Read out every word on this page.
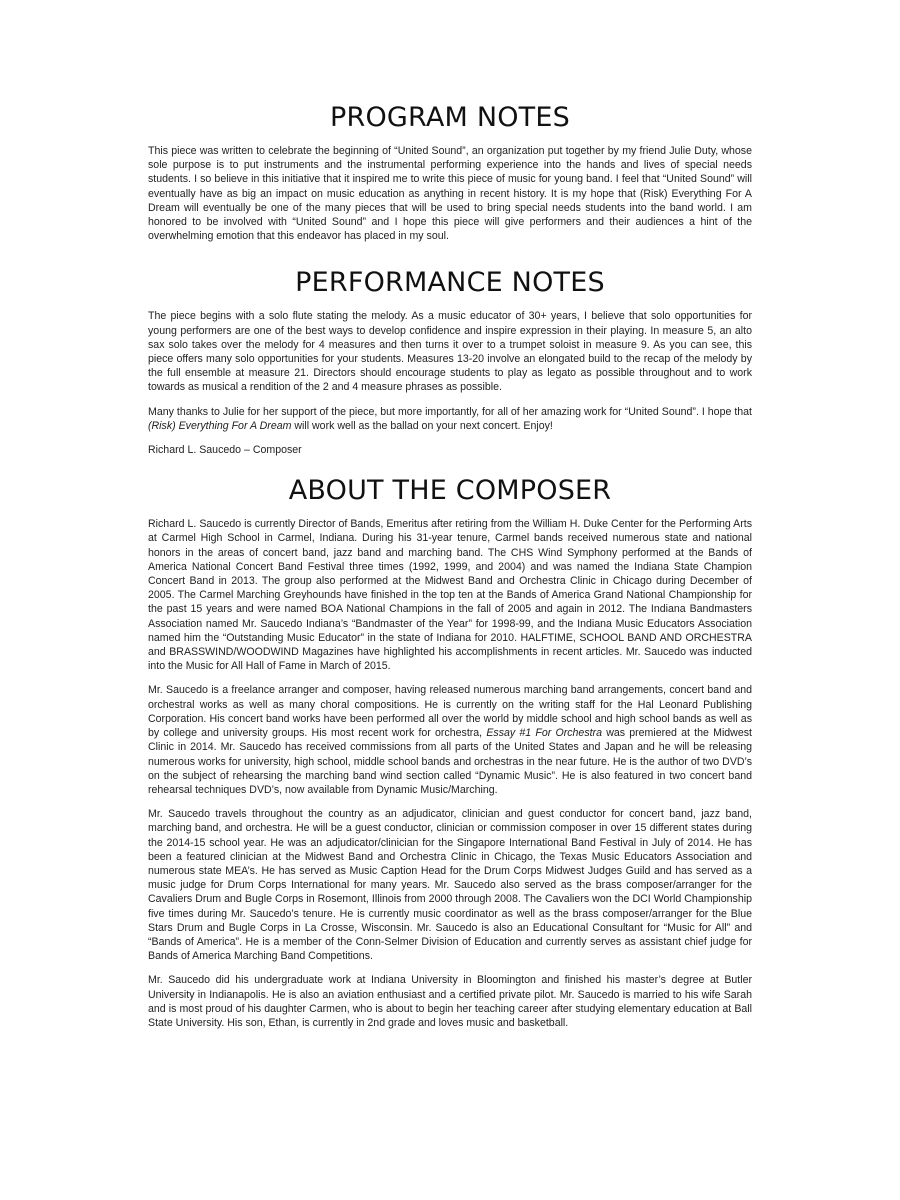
PROGRAM NOTES

This piece was written to celebrate the beginning of “United Sound”, an organization put together by my friend Julie Duty, whose sole purpose is to put instruments and the instrumental performing experience into the hands and lives of special needs students. I so believe in this initiative that it inspired me to write this piece of music for young band. I feel that “United Sound” will eventually have as big an impact on music education as anything in recent history. It is my hope that (Risk) Everything For A Dream will eventually be one of the many pieces that will be used to bring special needs students into the band world. I am honored to be involved with “United Sound” and I hope this piece will give performers and their audiences a hint of the overwhelming emotion that this endeavor has placed in my soul.

PERFORMANCE NOTES

The piece begins with a solo flute stating the melody. As a music educator of 30+ years, I believe that solo opportunities for young performers are one of the best ways to develop confidence and inspire expression in their playing. In measure 5, an alto sax solo takes over the melody for 4 measures and then turns it over to a trumpet soloist in measure 9. As you can see, this piece offers many solo opportunities for your students. Measures 13-20 involve an elongated build to the recap of the melody by the full ensemble at measure 21. Directors should encourage students to play as legato as possible throughout and to work towards as musical a rendition of the 2 and 4 measure phrases as possible.

Many thanks to Julie for her support of the piece, but more importantly, for all of her amazing work for “United Sound”. I hope that (Risk) Everything For A Dream will work well as the ballad on your next concert. Enjoy!

Richard L. Saucedo – Composer

ABOUT THE COMPOSER

Richard L. Saucedo is currently Director of Bands, Emeritus after retiring from the William H. Duke Center for the Performing Arts at Carmel High School in Carmel, Indiana. During his 31-year tenure, Carmel bands received numerous state and national honors in the areas of concert band, jazz band and marching band. The CHS Wind Symphony performed at the Bands of America National Concert Band Festival three times (1992, 1999, and 2004) and was named the Indiana State Champion Concert Band in 2013. The group also performed at the Midwest Band and Orchestra Clinic in Chicago during December of 2005. The Carmel Marching Greyhounds have finished in the top ten at the Bands of America Grand National Championship for the past 15 years and were named BOA National Champions in the fall of 2005 and again in 2012. The Indiana Bandmasters Association named Mr. Saucedo Indiana’s “Bandmaster of the Year” for 1998-99, and the Indiana Music Educators Association named him the “Outstanding Music Educator” in the state of Indiana for 2010. HALFTIME, SCHOOL BAND AND ORCHESTRA and BRASSWIND/WOODWIND Magazines have highlighted his accomplishments in recent articles. Mr. Saucedo was inducted into the Music for All Hall of Fame in March of 2015.

Mr. Saucedo is a freelance arranger and composer, having released numerous marching band arrangements, concert band and orchestral works as well as many choral compositions. He is currently on the writing staff for the Hal Leonard Publishing Corporation. His concert band works have been performed all over the world by middle school and high school bands as well as by college and university groups. His most recent work for orchestra, Essay #1 For Orchestra was premiered at the Midwest Clinic in 2014. Mr. Saucedo has received commissions from all parts of the United States and Japan and he will be releasing numerous works for university, high school, middle school bands and orchestras in the near future. He is the author of two DVD’s on the subject of rehearsing the marching band wind section called “Dynamic Music”. He is also featured in two concert band rehearsal techniques DVD’s, now available from Dynamic Music/Marching.

Mr. Saucedo travels throughout the country as an adjudicator, clinician and guest conductor for concert band, jazz band, marching band, and orchestra. He will be a guest conductor, clinician or commission composer in over 15 different states during the 2014-15 school year. He was an adjudicator/clinician for the Singapore International Band Festival in July of 2014. He has been a featured clinician at the Midwest Band and Orchestra Clinic in Chicago, the Texas Music Educators Association and numerous state MEA’s. He has served as Music Caption Head for the Drum Corps Midwest Judges Guild and has served as a music judge for Drum Corps International for many years. Mr. Saucedo also served as the brass composer/arranger for the Cavaliers Drum and Bugle Corps in Rosemont, Illinois from 2000 through 2008. The Cavaliers won the DCI World Championship five times during Mr. Saucedo’s tenure. He is currently music coordinator as well as the brass composer/arranger for the Blue Stars Drum and Bugle Corps in La Crosse, Wisconsin. Mr. Saucedo is also an Educational Consultant for “Music for All” and “Bands of America”. He is a member of the Conn-Selmer Division of Education and currently serves as assistant chief judge for Bands of America Marching Band Competitions.

Mr. Saucedo did his undergraduate work at Indiana University in Bloomington and finished his master’s degree at Butler University in Indianapolis. He is also an aviation enthusiast and a certified private pilot. Mr. Saucedo is married to his wife Sarah and is most proud of his daughter Carmen, who is about to begin her teaching career after studying elementary education at Ball State University. His son, Ethan, is currently in 2nd grade and loves music and basketball.
